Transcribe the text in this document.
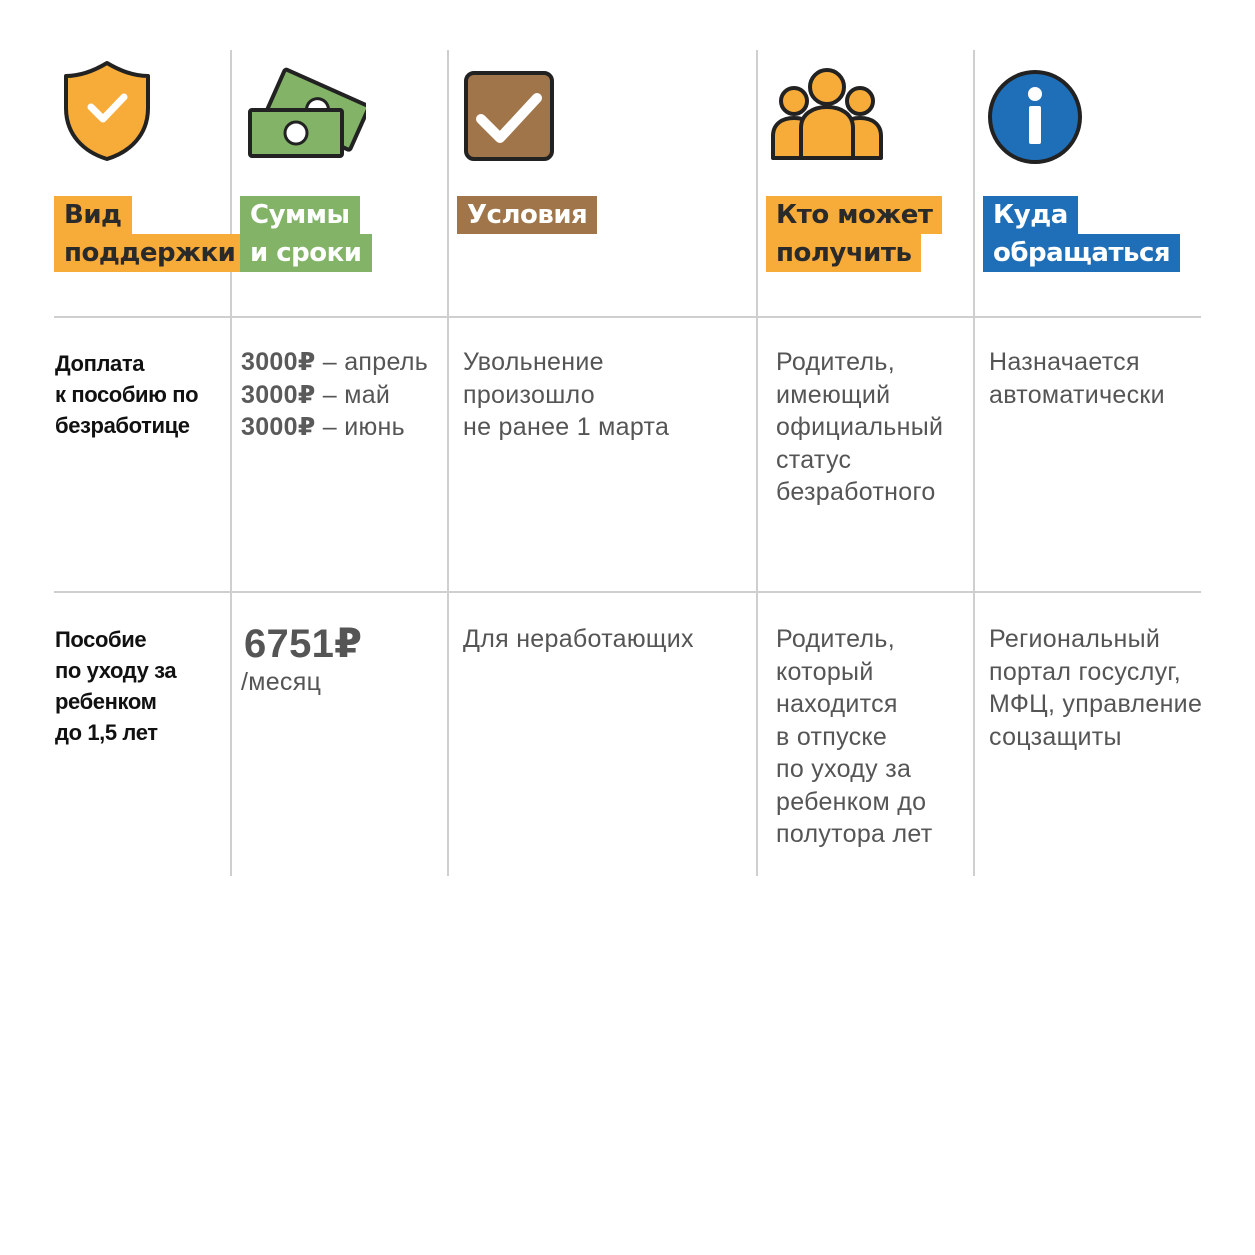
Вид
поддержки
Суммы
и сроки
Условия	Кто может
получить
Куда
обращаться
Доплата
к пособию по
безработице
3000₽ – апрель
3000₽ – май
3000₽ – июнь
Увольнение
произошло
не ранее 1 марта
Родитель,
имеющий
официальный
статус
безработного
Назначается
автоматически
Пособие
по уходу за
ребенком
до 1,5 лет
6751₽
/месяц
Для неработающих	Родитель,
который
находится
в отпуске
по уходу за
ребенком до
полутора лет
Региональный
портал госуслуг,
МФЦ, управление
соцзащиты
